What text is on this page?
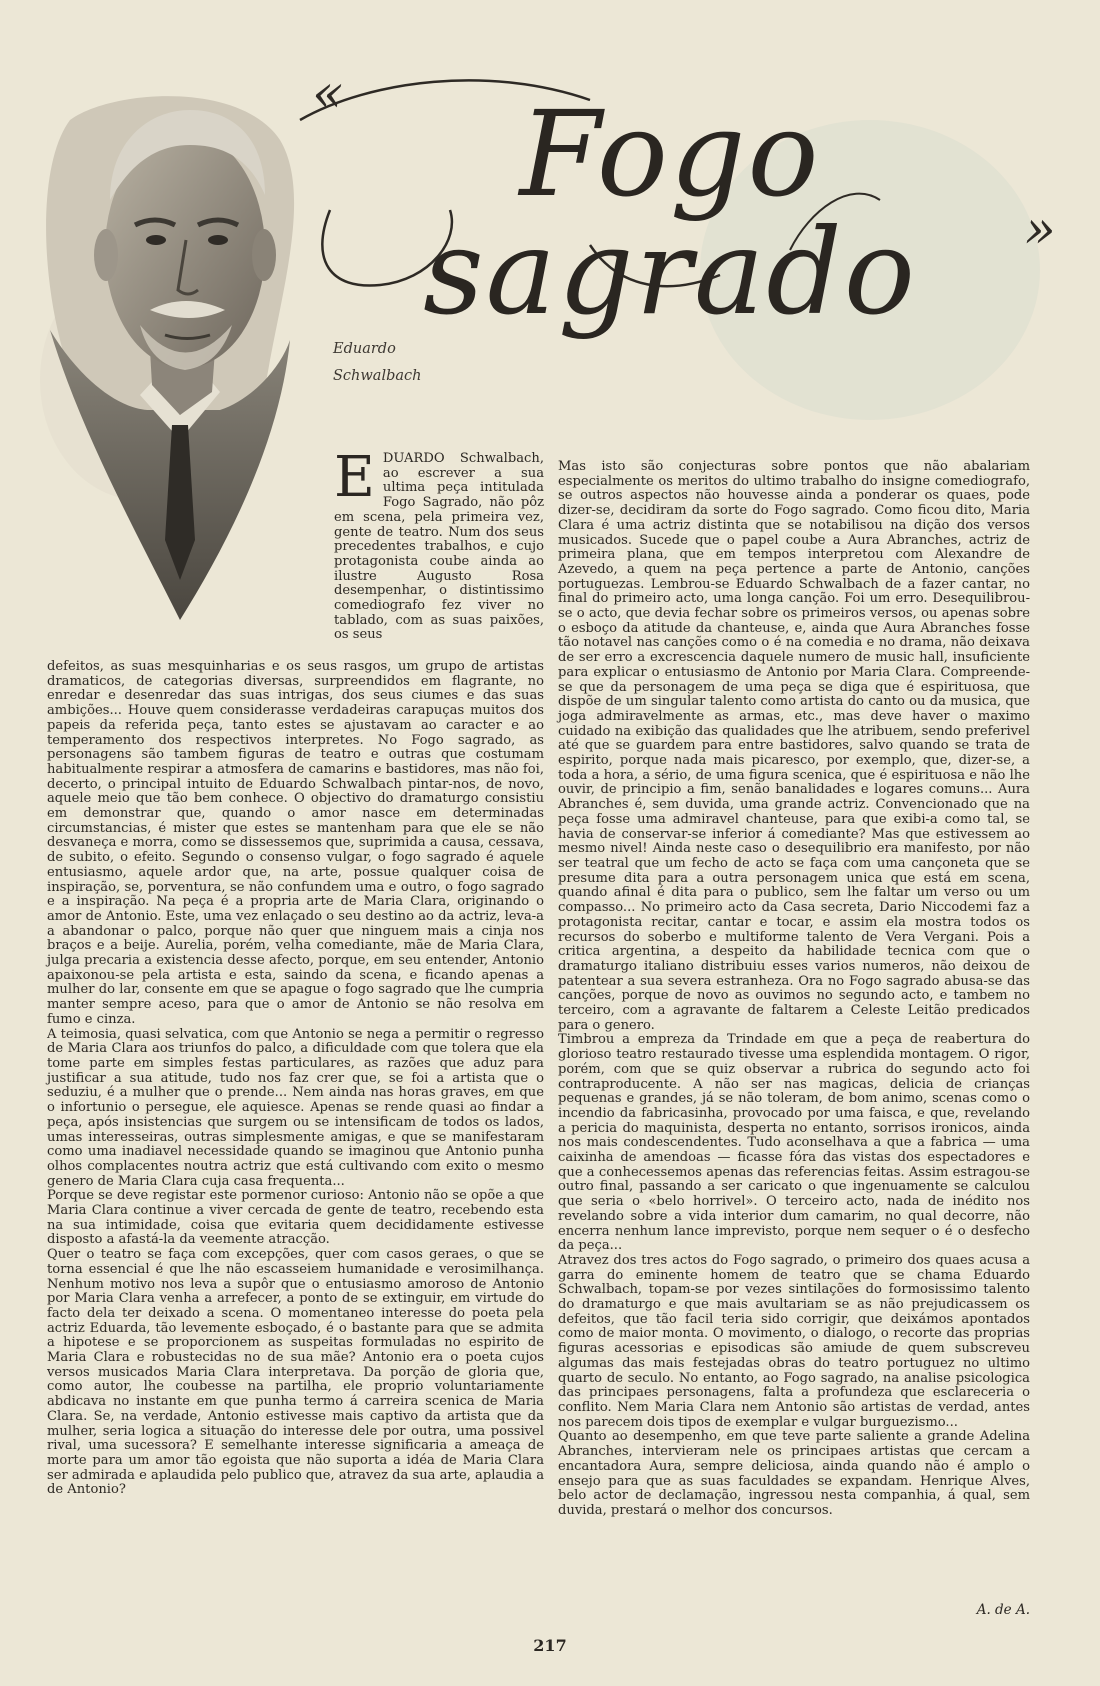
«	Fogo sagrado	»
Eduardo
Schwalbach
E DUARDO Schwalbach, ao escrever a sua ultima peça intitulada Fogo Sagrado, não pôz em scena, pela primeira vez, gente de teatro. Num dos seus precedentes trabalhos, e cujo protagonista coube ainda ao ilustre Augusto Rosa desempenhar, o distintissimo comediografo fez viver no tablado, com as suas paixões, os seus

defeitos, as suas mesquinharias e os seus rasgos, um grupo de artistas dramaticos, de categorias diversas, surpreendidos em flagrante, no enredar e desenredar das suas intrigas, dos seus ciumes e das suas ambições... Houve quem considerasse verdadeiras carapuças muitos dos papeis da referida peça, tanto estes se ajustavam ao caracter e ao temperamento dos respectivos interpretes. No Fogo sagrado, as personagens são tambem figuras de teatro e outras que costumam habitualmente respirar a atmosfera de camarins e bastidores, mas não foi, decerto, o principal intuito de Eduardo Schwalbach pintar-nos, de novo, aquele meio que tão bem conhece. O objectivo do dramaturgo consistiu em demonstrar que, quando o amor nasce em determinadas circumstancias, é mister que estes se mantenham para que ele se não desvaneça e morra, como se dissessemos que, suprimida a causa, cessava, de subito, o efeito. Segundo o consenso vulgar, o fogo sagrado é aquele entusiasmo, aquele ardor que, na arte, possue qualquer coisa de inspiração, se, porventura, se não confundem uma e outro, o fogo sagrado e a inspiração. Na peça é a propria arte de Maria Clara, originando o amor de Antonio. Este, uma vez enlaçado o seu destino ao da actriz, leva-a a abandonar o palco, porque não quer que ninguem mais a cinja nos braços e a beije. Aurelia, porém, velha comediante, mãe de Maria Clara, julga precaria a existencia desse afecto, porque, em seu entender, Antonio apaixonou-se pela artista e esta, saindo da scena, e ficando apenas a mulher do lar, consente em que se apague o fogo sagrado que lhe cumpria manter sempre aceso, para que o amor de Antonio se não resolva em fumo e cinza.

A teimosia, quasi selvatica, com que Antonio se nega a permitir o regresso de Maria Clara aos triunfos do palco, a dificuldade com que tolera que ela tome parte em simples festas particulares, as razões que aduz para justificar a sua atitude, tudo nos faz crer que, se foi a artista que o seduziu, é a mulher que o prende... Nem ainda nas horas graves, em que o infortunio o persegue, ele aquiesce. Apenas se rende quasi ao findar a peça, após insistencias que surgem ou se intensificam de todos os lados, umas interesseiras, outras simplesmente amigas, e que se manifestaram como uma inadiavel necessidade quando se imaginou que Antonio punha olhos complacentes noutra actriz que está cultivando com exito o mesmo genero de Maria Clara cuja casa frequenta...

Porque se deve registar este pormenor curioso: Antonio não se opõe a que Maria Clara continue a viver cercada de gente de teatro, recebendo esta na sua intimidade, coisa que evitaria quem decididamente estivesse disposto a afastá-la da veemente atracção.

Quer o teatro se faça com excepções, quer com casos geraes, o que se torna essencial é que lhe não escasseiem humanidade e verosimilhança. Nenhum motivo nos leva a supôr que o entusiasmo amoroso de Antonio por Maria Clara venha a arrefecer, a ponto de se extinguir, em virtude do facto dela ter deixado a scena. O momentaneo interesse do poeta pela actriz Eduarda, tão levemente esboçado, é o bastante para que se admita a hipotese e se proporcionem as suspeitas formuladas no espirito de Maria Clara e robustecidas no de sua mãe? Antonio era o poeta cujos versos musicados Maria Clara interpretava. Da porção de gloria que, como autor, lhe coubesse na partilha, ele proprio voluntariamente abdicava no instante em que punha termo á carreira scenica de Maria Clara. Se, na verdade, Antonio estivesse mais captivo da artista que da mulher, seria logica a situação do interesse dele por outra, uma possivel rival, uma sucessora? E semelhante interesse significaria a ameaça de morte para um amor tão egoista que não suporta a idéa de Maria Clara ser admirada e aplaudida pelo publico que, atravez da sua arte, aplaudia a de Antonio?

Mas isto são conjecturas sobre pontos que não abalariam especialmente os meritos do ultimo trabalho do insigne comediografo, se outros aspectos não houvesse ainda a ponderar os quaes, pode dizer-se, decidiram da sorte do Fogo sagrado. Como ficou dito, Maria Clara é uma actriz distinta que se notabilisou na dição dos versos musicados. Sucede que o papel coube a Aura Abranches, actriz de primeira plana, que em tempos interpretou com Alexandre de Azevedo, a quem na peça pertence a parte de Antonio, canções portuguezas. Lembrou-se Eduardo Schwalbach de a fazer cantar, no final do primeiro acto, uma longa canção. Foi um erro. Desequilibrou-se o acto, que devia fechar sobre os primeiros versos, ou apenas sobre o esboço da atitude da chanteuse, e, ainda que Aura Abranches fosse tão notavel nas canções como o é na comedia e no drama, não deixava de ser erro a excrescencia daquele numero de music hall, insuficiente para explicar o entusiasmo de Antonio por Maria Clara. Compreende-se que da personagem de uma peça se diga que é espirituosa, que dispõe de um singular talento como artista do canto ou da musica, que joga admiravelmente as armas, etc., mas deve haver o maximo cuidado na exibição das qualidades que lhe atribuem, sendo preferivel até que se guardem para entre bastidores, salvo quando se trata de espirito, porque nada mais picaresco, por exemplo, que, dizer-se, a toda a hora, a sério, de uma figura scenica, que é espirituosa e não lhe ouvir, de principio a fim, senão banalidades e logares comuns... Aura Abranches é, sem duvida, uma grande actriz. Convencionado que na peça fosse uma admiravel chanteuse, para que exibi-a como tal, se havia de conservar-se inferior á comediante? Mas que estivessem ao mesmo nivel! Ainda neste caso o desequilibrio era manifesto, por não ser teatral que um fecho de acto se faça com uma cançoneta que se presume dita para a outra personagem unica que está em scena, quando afinal é dita para o publico, sem lhe faltar um verso ou um compasso... No primeiro acto da Casa secreta, Dario Niccodemi faz a protagonista recitar, cantar e tocar, e assim ela mostra todos os recursos do soberbo e multiforme talento de Vera Vergani. Pois a critica argentina, a despeito da habilidade tecnica com que o dramaturgo italiano distribuiu esses varios numeros, não deixou de patentear a sua severa estranheza. Ora no Fogo sagrado abusa-se das canções, porque de novo as ouvimos no segundo acto, e tambem no terceiro, com a agravante de faltarem a Celeste Leitão predicados para o genero.

Timbrou a empreza da Trindade em que a peça de reabertura do glorioso teatro restaurado tivesse uma esplendida montagem. O rigor, porém, com que se quiz observar a rubrica do segundo acto foi contraproducente. A não ser nas magicas, delicia de crianças pequenas e grandes, já se não toleram, de bom animo, scenas como o incendio da fabricasinha, provocado por uma faisca, e que, revelando a pericia do maquinista, desperta no entanto, sorrisos ironicos, ainda nos mais condescendentes. Tudo aconselhava a que a fabrica — uma caixinha de amendoas — ficasse fóra das vistas dos espectadores e que a conhecessemos apenas das referencias feitas. Assim estragou-se outro final, passando a ser caricato o que ingenuamente se calculou que seria o «belo horrivel». O terceiro acto, nada de inédito nos revelando sobre a vida interior dum camarim, no qual decorre, não encerra nenhum lance imprevisto, porque nem sequer o é o desfecho da peça...

Atravez dos tres actos do Fogo sagrado, o primeiro dos quaes acusa a garra do eminente homem de teatro que se chama Eduardo Schwalbach, topam-se por vezes sintilações do formosissimo talento do dramaturgo e que mais avultariam se as não prejudicassem os defeitos, que tão facil teria sido corrigir, que deixámos apontados como de maior monta. O movimento, o dialogo, o recorte das proprias figuras acessorias e episodicas são amiude de quem subscreveu algumas das mais festejadas obras do teatro portuguez no ultimo quarto de seculo. No entanto, ao Fogo sagrado, na analise psicologica das principaes personagens, falta a profundeza que esclareceria o conflito. Nem Maria Clara nem Antonio são artistas de verdad, antes nos parecem dois tipos de exemplar e vulgar burguezismo...

Quanto ao desempenho, em que teve parte saliente a grande Adelina Abranches, intervieram nele os principaes artistas que cercam a encantadora Aura, sempre deliciosa, ainda quando não é amplo o ensejo para que as suas faculdades se expandam. Henrique Alves, belo actor de declamação, ingressou nesta companhia, á qual, sem duvida, prestará o melhor dos concursos.

A. de A.
217
